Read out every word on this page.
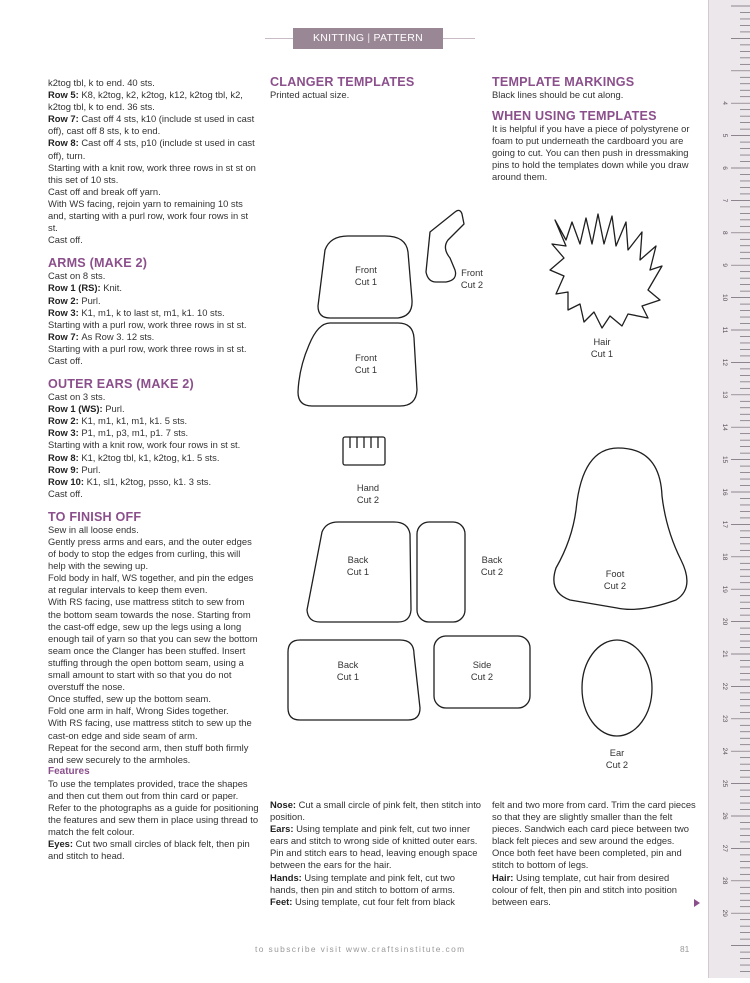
KNITTING | PATTERN INSTRUCTIONS

k2tog tbl, k to end. 40 sts.

Row 5: K8, k2tog, k2, k2tog, k12, k2tog tbl, k2, k2tog tbl, k to end. 36 sts.

Row 7: Cast off 4 sts, k10 (include st used in cast off), cast off 8 sts, k to end.

Row 8: Cast off 4 sts, p10 (include st used in cast off), turn.

Starting with a knit row, work three rows in st st on this set of 10 sts.

Cast off and break off yarn.

With WS facing, rejoin yarn to remaining 10 sts and, starting with a purl row, work four rows in st st.

Cast off.

ARMS (MAKE 2)

Cast on 8 sts.

Row 1 (RS): Knit.

Row 2: Purl.

Row 3: K1, m1, k to last st, m1, k1. 10 sts.

Starting with a purl row, work three rows in st st.

Row 7: As Row 3. 12 sts.

Starting with a purl row, work three rows in st st.

Cast off.

OUTER EARS (MAKE 2)

Cast on 3 sts.

Row 1 (WS): Purl.

Row 2: K1, m1, k1, m1, k1. 5 sts.

Row 3: P1, m1, p3, m1, p1. 7 sts.

Starting with a knit row, work four rows in st st.

Row 8: K1, k2tog tbl, k1, k2tog, k1. 5 sts.

Row 9: Purl.

Row 10: K1, sl1, k2tog, psso, k1. 3 sts.

Cast off.

TO FINISH OFF

Sew in all loose ends.

Gently press arms and ears, and the outer edges of body to stop the edges from curling, this will help with the sewing up.

Fold body in half, WS together, and pin the edges at regular intervals to keep them even.

With RS facing, use mattress stitch to sew from the bottom seam towards the nose. Starting from the cast-off edge, sew up the legs using a long enough tail of yarn so that you can sew the bottom seam once the Clanger has been stuffed. Insert stuffing through the open bottom seam, using a small amount to start with so that you do not overstuff the nose.

Once stuffed, sew up the bottom seam.

Fold one arm in half, Wrong Sides together.

With RS facing, use mattress stitch to sew up the cast-on edge and side seam of arm.

Repeat for the second arm, then stuff both firmly and sew securely to the armholes.

Features

To use the templates provided, trace the shapes and then cut them out from thin card or paper.

Refer to the photographs as a guide for positioning the features and sew them in place using thread to match the felt colour.

Eyes: Cut two small circles of black felt, then pin and stitch to head.

CLANGER TEMPLATES

Printed actual size.

TEMPLATE MARKINGS

Black lines should be cut along.

WHEN USING TEMPLATES

It is helpful if you have a piece of polystyrene or foam to put underneath the cardboard you are going to cut. You can then push in dressmaking pins to hold the templates down while you draw around them.

Front
Cut 1
Front
Cut 2
Front
Cut 1
Hair
Cut 1
Hand
Cut 2
Back
Cut 1
Back
Cut 2	Foot
Cut 2
Back
Cut 1
Side
Cut 2
Ear
Cut 2

Nose: Cut a small circle of pink felt, then stitch into position.

Ears: Using template and pink felt, cut two inner ears and stitch to wrong side of knitted outer ears. Pin and stitch ears to head, leaving enough space between the ears for the hair.

Hands: Using template and pink felt, cut two hands, then pin and stitch to bottom of arms.

Feet: Using template, cut four felt from black

felt and two more from card. Trim the card pieces so that they are slightly smaller than the felt pieces. Sandwich each card piece between two black felt pieces and sew around the edges. Once both feet have been completed, pin and stitch to bottom of legs.

Hair: Using template, cut hair from desired colour of felt, then pin and stitch into position between ears.

4
5
6
7
8
9
10
11
12
13
14
15
16
17
18
19
20
21
22
23
24
25
26
27
28
29
to subscribe visit www.craftsinstitute.com	81
